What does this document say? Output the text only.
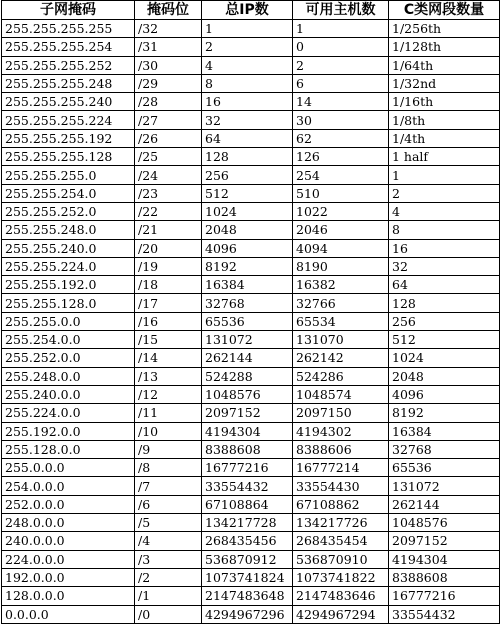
子网掩码	掩码位	总IP数	可用主机数	C类网段数量
255.255.255.255	/32	1	1	1/256th
255.255.255.254	/31	2	0	1/128th
255.255.255.252	/30	4	2	1/64th
255.255.255.248	/29	8	6	1/32nd
255.255.255.240	/28	16	14	1/16th
255.255.255.224	/27	32	30	1/8th
255.255.255.192	/26	64	62	1/4th
255.255.255.128	/25	128	126	1 half
255.255.255.0	/24	256	254	1
255.255.254.0	/23	512	510	2
255.255.252.0	/22	1024	1022	4
255.255.248.0	/21	2048	2046	8
255.255.240.0	/20	4096	4094	16
255.255.224.0	/19	8192	8190	32
255.255.192.0	/18	16384	16382	64
255.255.128.0	/17	32768	32766	128
255.255.0.0	/16	65536	65534	256
255.254.0.0	/15	131072	131070	512
255.252.0.0	/14	262144	262142	1024
255.248.0.0	/13	524288	524286	2048
255.240.0.0	/12	1048576	1048574	4096
255.224.0.0	/11	2097152	2097150	8192
255.192.0.0	/10	4194304	4194302	16384
255.128.0.0	/9	8388608	8388606	32768
255.0.0.0	/8	16777216	16777214	65536
254.0.0.0	/7	33554432	33554430	131072
252.0.0.0	/6	67108864	67108862	262144
248.0.0.0	/5	134217728	134217726	1048576
240.0.0.0	/4	268435456	268435454	2097152
224.0.0.0	/3	536870912	536870910	4194304
192.0.0.0	/2	1073741824	1073741822	8388608
128.0.0.0	/1	2147483648	2147483646	16777216
0.0.0.0	/0	4294967296	4294967294	33554432
